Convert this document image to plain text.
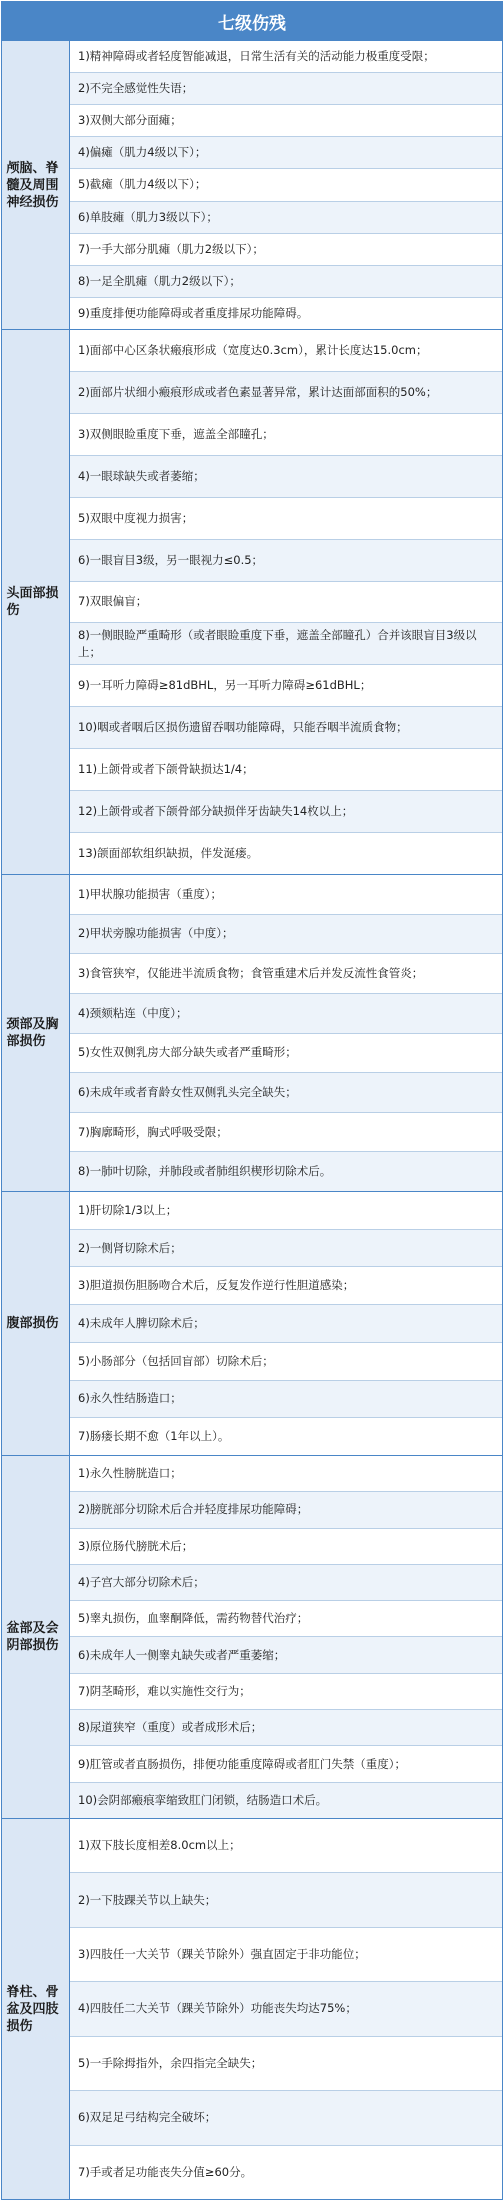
七级伤残
颅脑、脊髓及周围神经损伤
1)精神障碍或者轻度智能减退，日常生活有关的活动能力极重度受限；
2)不完全感觉性失语；
3)双侧大部分面瘫；
4)偏瘫（肌力4级以下）；
5)截瘫（肌力4级以下）；
6)单肢瘫（肌力3级以下）；
7)一手大部分肌瘫（肌力2级以下）；
8)一足全肌瘫（肌力2级以下）；
9)重度排便功能障碍或者重度排尿功能障碍。
头面部损伤
1)面部中心区条状瘢痕形成（宽度达0.3cm），累计长度达15.0cm；
2)面部片状细小瘢痕形成或者色素显著异常，累计达面部面积的50%；
3)双侧眼睑重度下垂，遮盖全部瞳孔；
4)一眼球缺失或者萎缩；
5)双眼中度视力损害；
6)一眼盲目3级，另一眼视力≤0.5；
7)双眼偏盲；
8)一侧眼睑严重畸形（或者眼睑重度下垂，遮盖全部瞳孔）合并该眼盲目3级以上；
9)一耳听力障碍≥81dBHL，另一耳听力障碍≥61dBHL；
10)咽或者咽后区损伤遗留吞咽功能障碍，只能吞咽半流质食物；
11)上颌骨或者下颌骨缺损达1/4；
12)上颌骨或者下颌骨部分缺损伴牙齿缺失14枚以上；
13)颌面部软组织缺损，伴发涎瘘。
颈部及胸部损伤
1)甲状腺功能损害（重度）；
2)甲状旁腺功能损害（中度）；
3)食管狭窄，仅能进半流质食物；食管重建术后并发反流性食管炎；
4)颈颏粘连（中度）；
5)女性双侧乳房大部分缺失或者严重畸形；
6)未成年或者育龄女性双侧乳头完全缺失；
7)胸廓畸形，胸式呼吸受限；
8)一肺叶切除，并肺段或者肺组织楔形切除术后。
腹部损伤
1)肝切除1/3以上；
2)一侧肾切除术后；
3)胆道损伤胆肠吻合术后，反复发作逆行性胆道感染；
4)未成年人脾切除术后；
5)小肠部分（包括回盲部）切除术后；
6)永久性结肠造口；
7)肠瘘长期不愈（1年以上）。
盆部及会阴部损伤
1)永久性膀胱造口；
2)膀胱部分切除术后合并轻度排尿功能障碍；
3)原位肠代膀胱术后；
4)子宫大部分切除术后；
5)睾丸损伤，血睾酮降低，需药物替代治疗；
6)未成年人一侧睾丸缺失或者严重萎缩；
7)阴茎畸形，难以实施性交行为；
8)尿道狭窄（重度）或者成形术后；
9)肛管或者直肠损伤，排便功能重度障碍或者肛门失禁（重度）；
10)会阴部瘢痕挛缩致肛门闭锁，结肠造口术后。
脊柱、骨盆及四肢损伤
1)双下肢长度相差8.0cm以上；
2)一下肢踝关节以上缺失；
3)四肢任一大关节（踝关节除外）强直固定于非功能位；
4)四肢任二大关节（踝关节除外）功能丧失均达75%；
5)一手除拇指外，余四指完全缺失；
6)双足足弓结构完全破坏；
7)手或者足功能丧失分值≥60分。
